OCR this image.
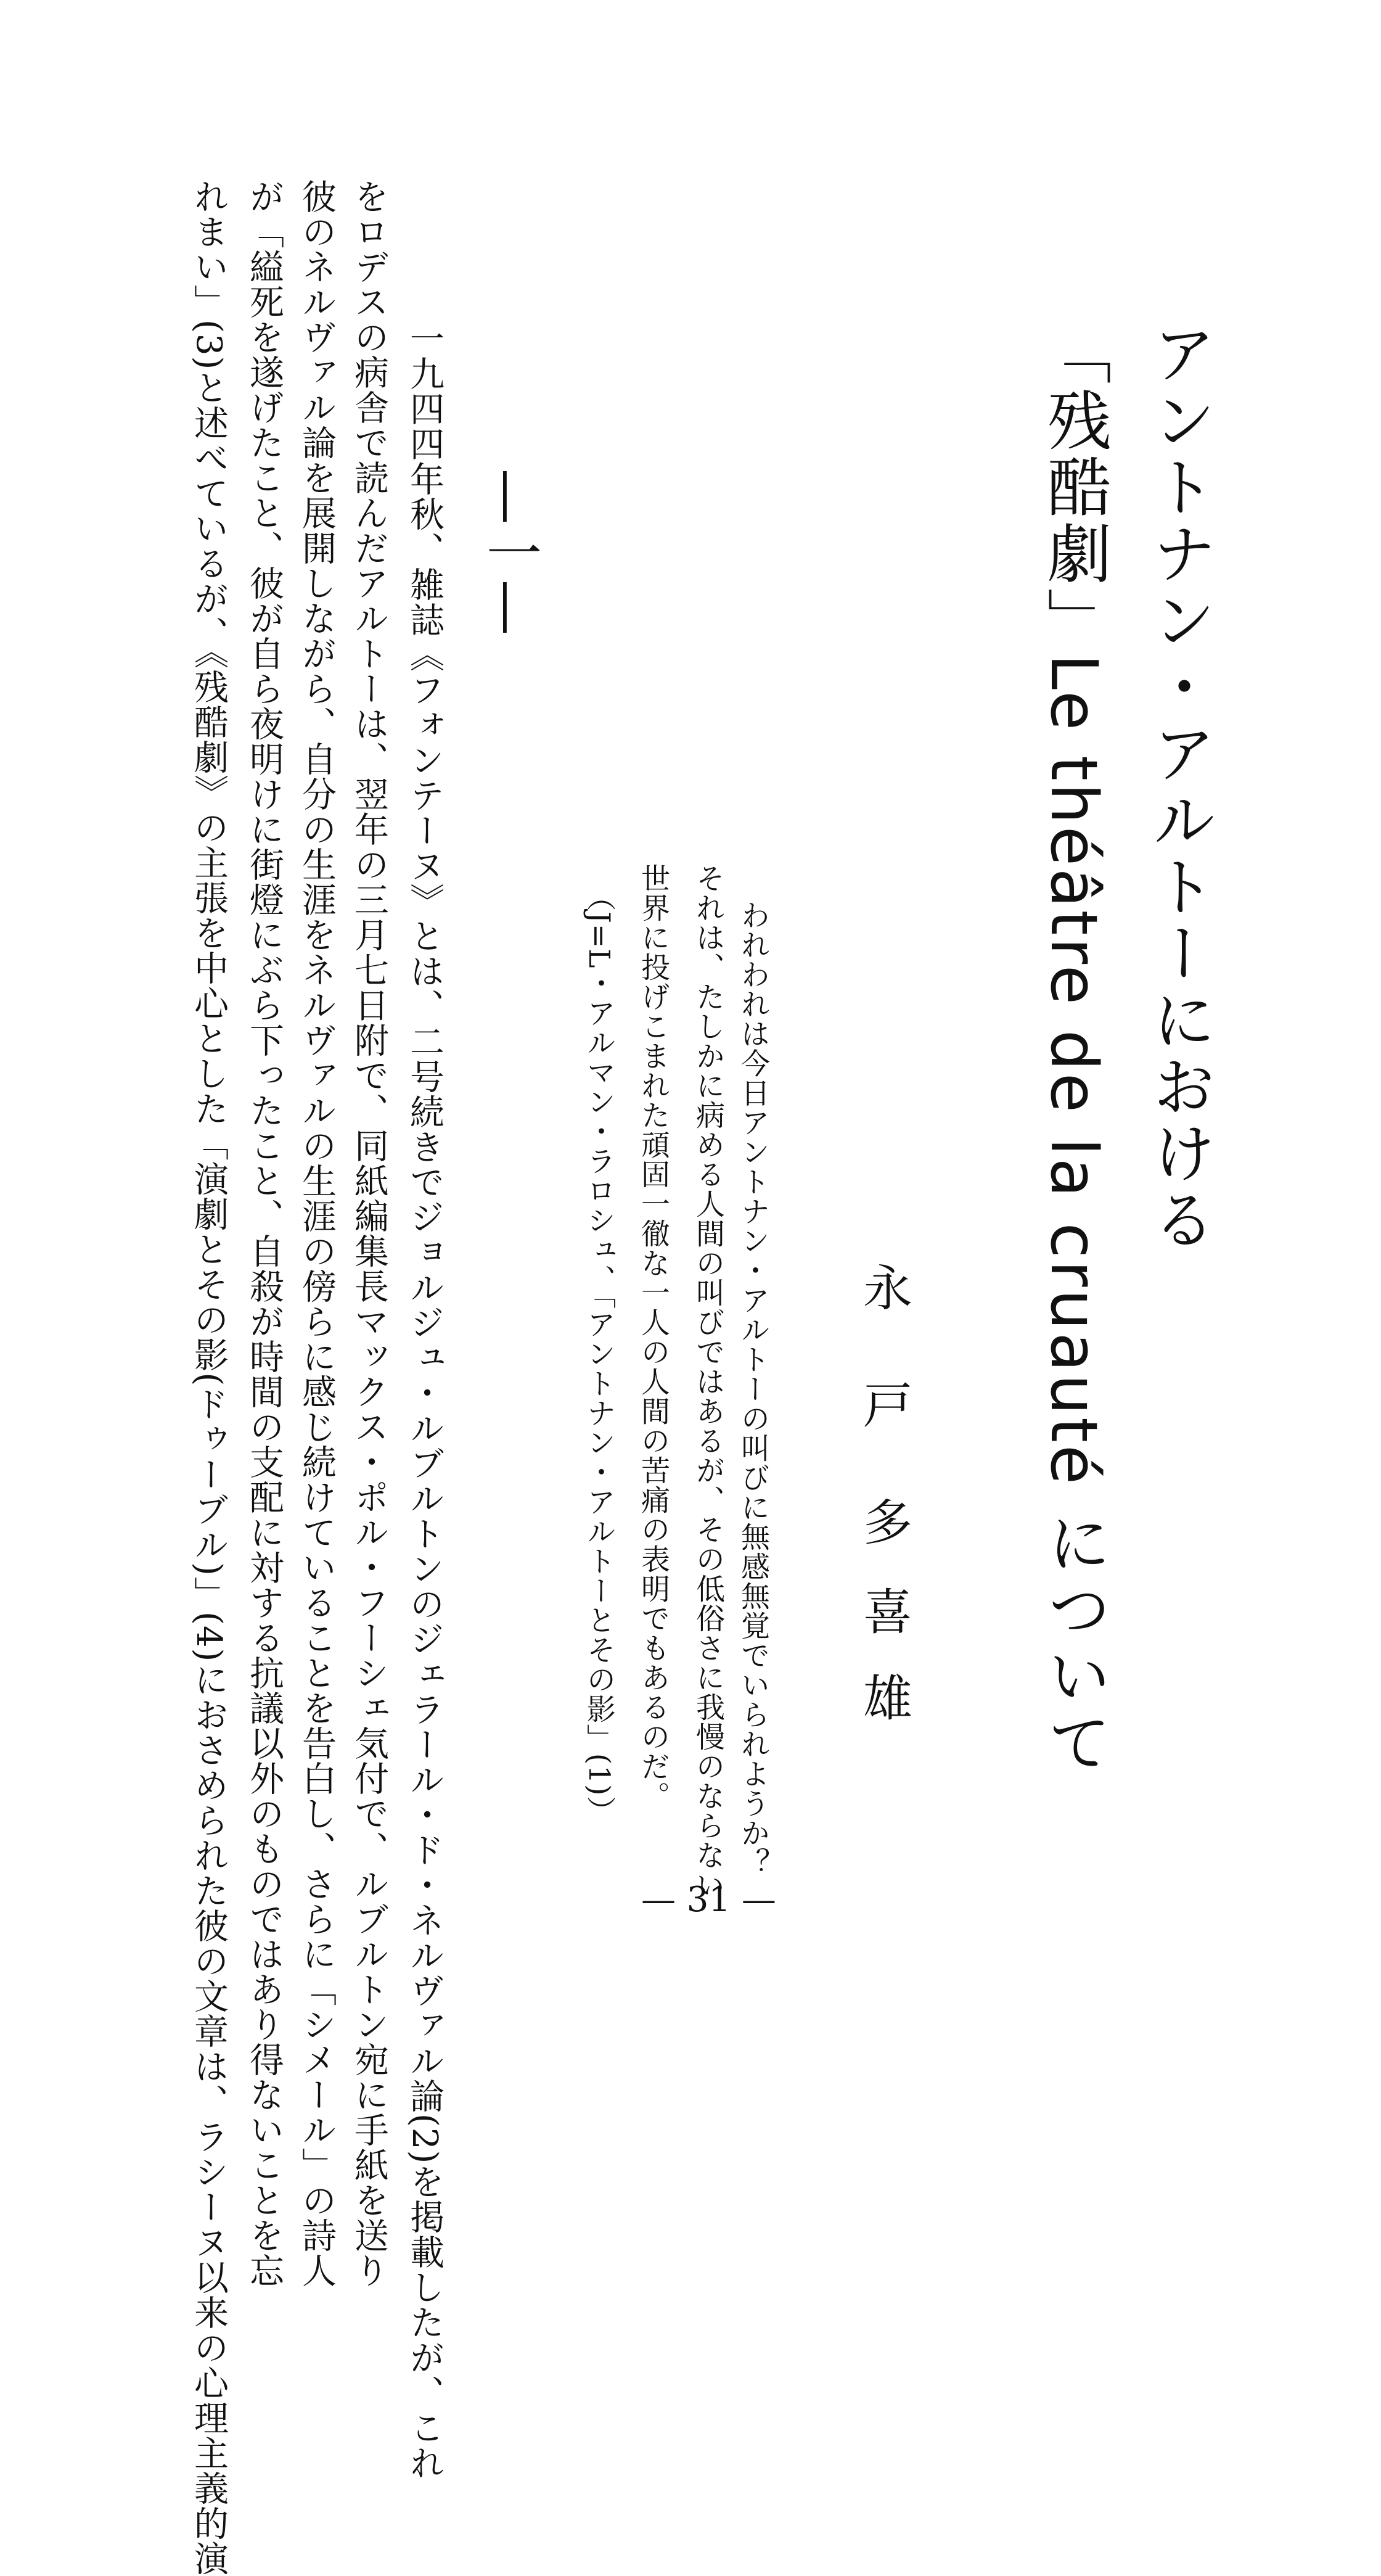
アントナン・アルトーにおける
「残酷劇」Le théâtre de la cruauté について
永
戸
多
喜
雄
われわれは今日アントナン・アルトーの叫びに無感無覚でいられようか？
それは、たしかに病める人間の叫びではあるが、その低俗さに我慢のならない
世界に投げこまれた頑固一徹な一人の人間の苦痛の表明でもあるのだ。
（J=L・アルマン・ラロシュ、「アントナン・アルトーとその影」(1)）
—一—
一九四四年秋、雑誌《フォンテーヌ》とは、二号続きでジョルジュ・ルブルトンのジェラール・ド・ネルヴァル論(2)を掲載したが、これ
をロデスの病舎で読んだアルトーは、翌年の三月七日附で、同紙編集長マックス・ポル・フーシェ気付で、ルブルトン宛に手紙を送り
彼のネルヴァル論を展開しながら、自分の生涯をネルヴァルの生涯の傍らに感じ続けていることを告白し、さらに「シメール」の詩人
が「縊死を遂げたこと、彼が自ら夜明けに街燈にぶら下ったこと、自殺が時間の支配に対する抗議以外のものではあり得ないことを忘
れまい」(3)と述べているが、《残酷劇》の主張を中心とした「演劇とその影(ドゥーブル)」(4)におさめられた彼の文章は、ラシーヌ以来の心理主義的演	— 31 —
